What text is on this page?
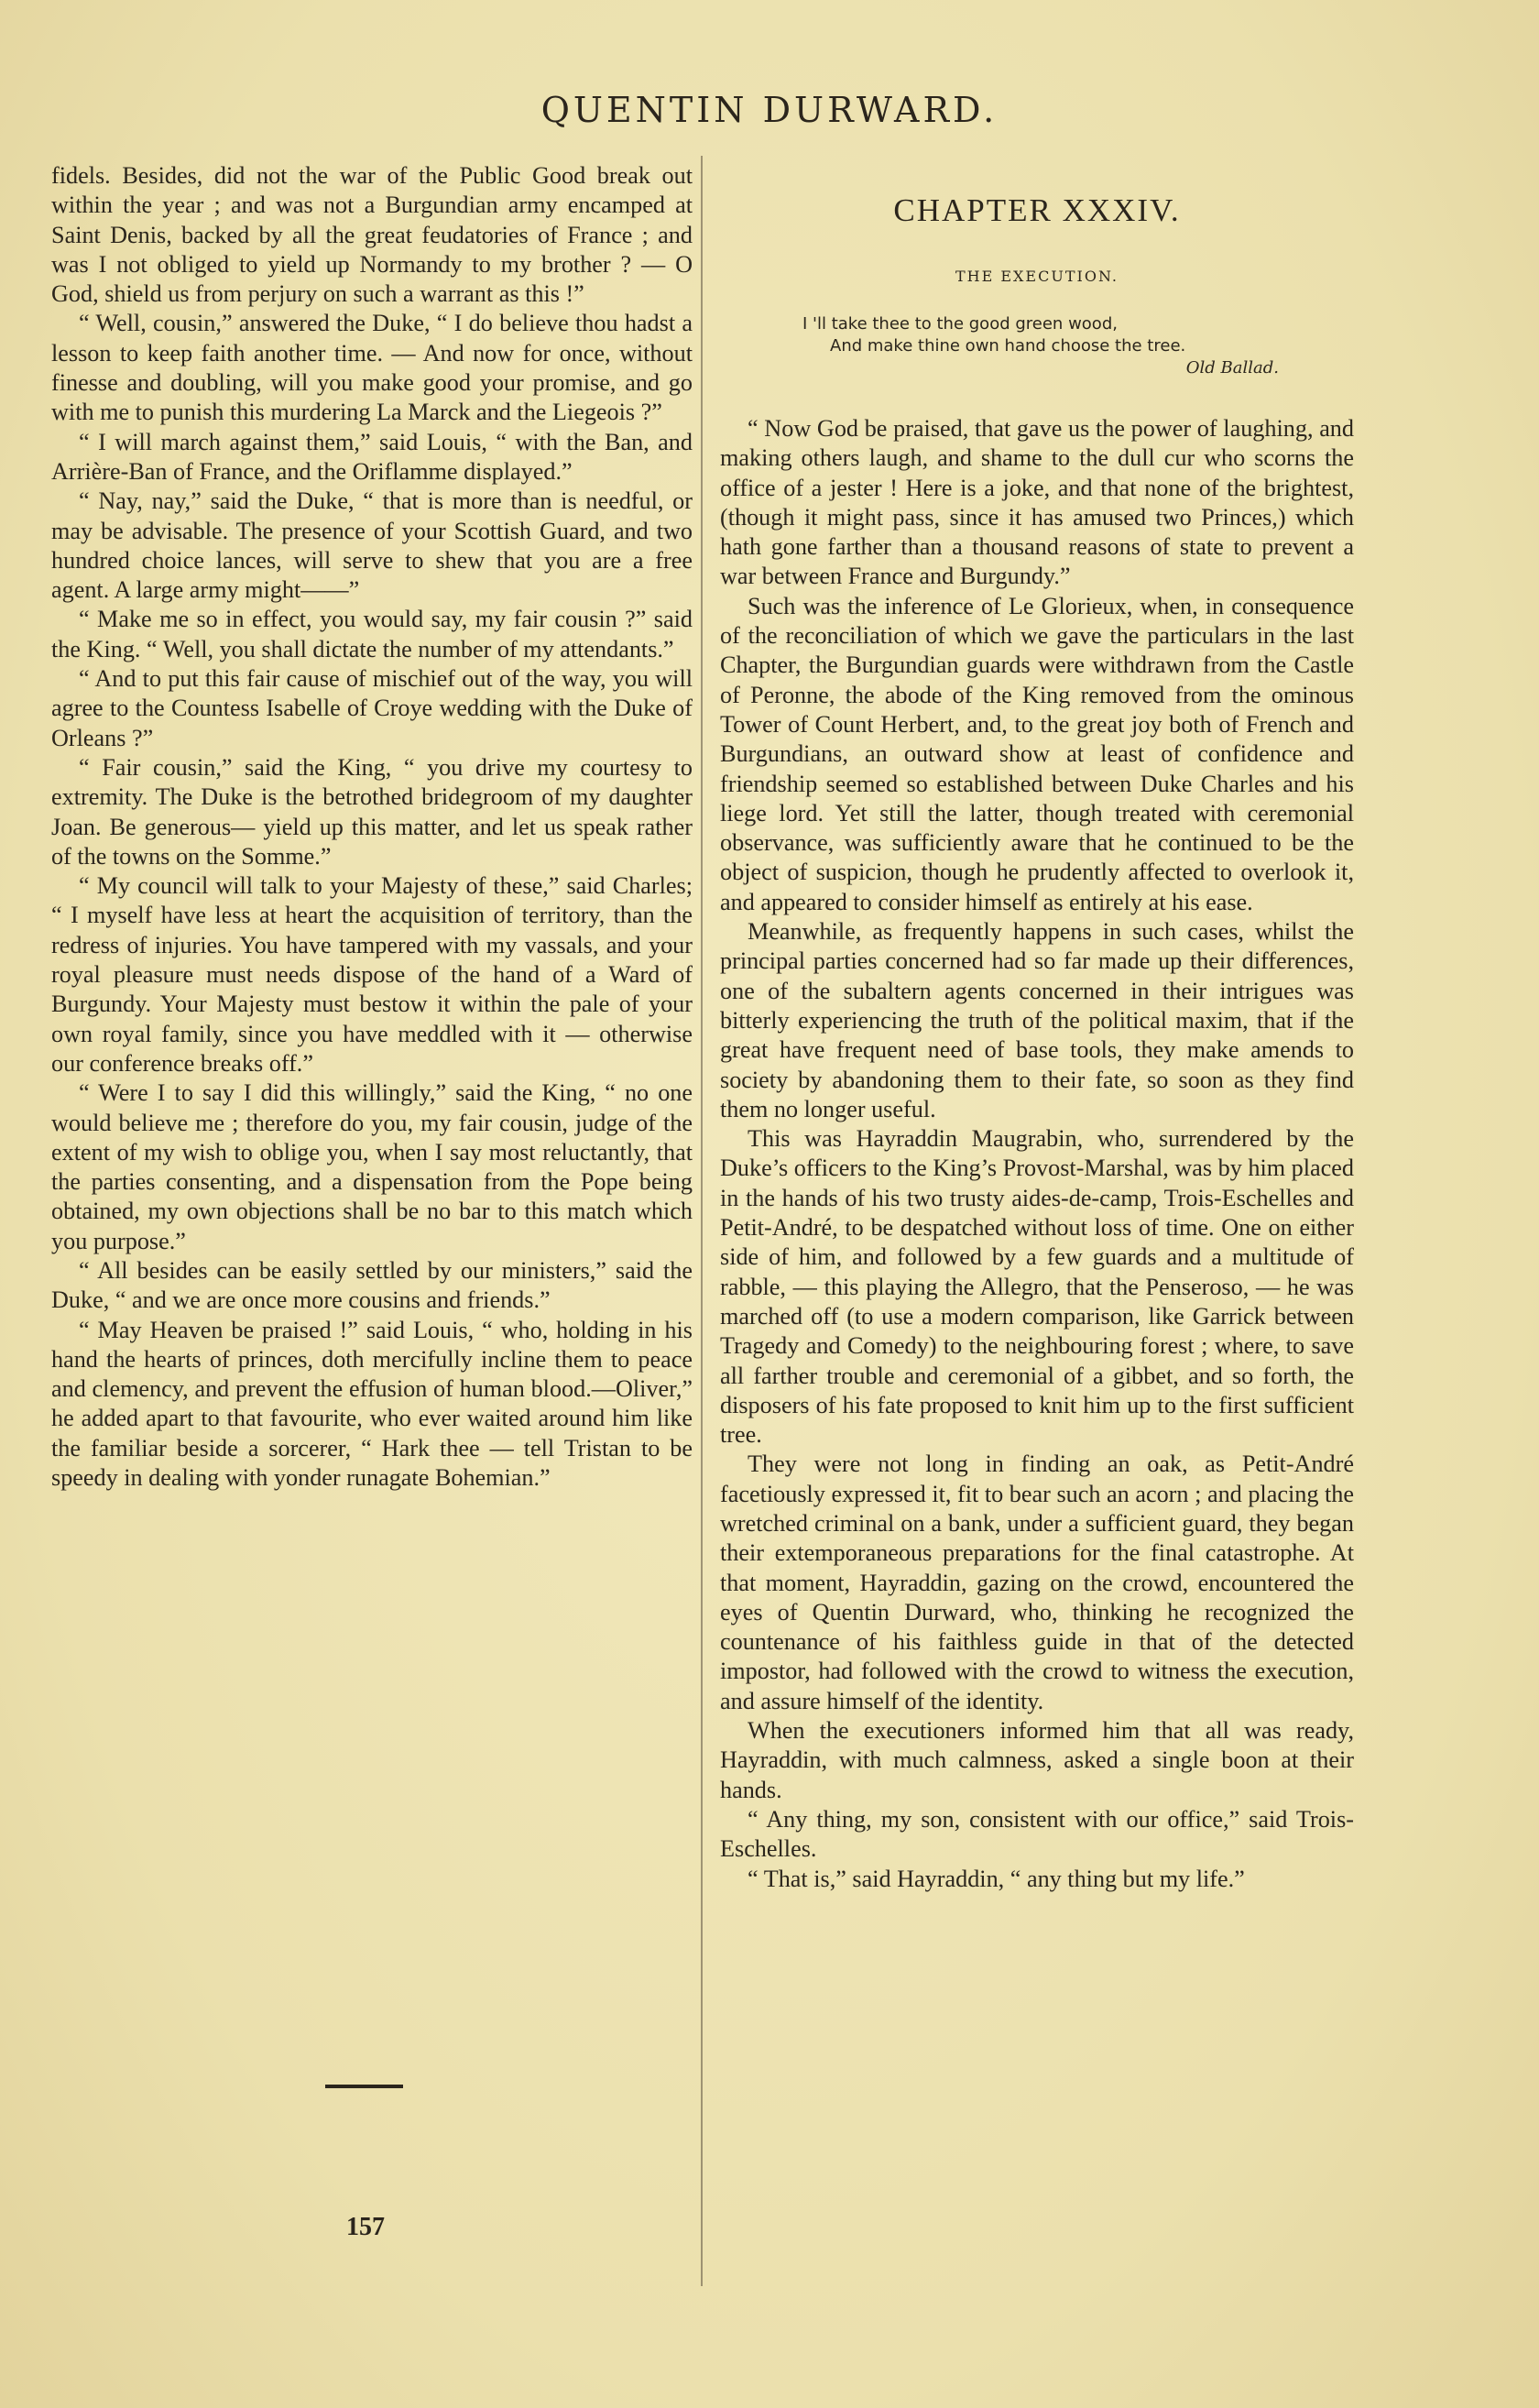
QUENTIN DURWARD.

fidels. Besides, did not the war of the Public Good break out within the year ; and was not a Burgundian army encamped at Saint Denis, backed by all the great feudatories of France ; and was I not obliged to yield up Normandy to my brother ? — O God, shield us from perjury on such a warrant as this !”

“ Well, cousin,” answered the Duke, “ I do believe thou hadst a lesson to keep faith another time. — And now for once, without finesse and doubling, will you make good your promise, and go with me to punish this murdering La Marck and the Liegeois ?”

“ I will march against them,” said Louis, “ with the Ban, and Arrière-Ban of France, and the Oriflamme displayed.”

“ Nay, nay,” said the Duke, “ that is more than is needful, or may be advisable. The presence of your Scottish Guard, and two hundred choice lances, will serve to shew that you are a free agent. A large army might——”

“ Make me so in effect, you would say, my fair cousin ?” said the King. “ Well, you shall dictate the number of my attendants.”

“ And to put this fair cause of mischief out of the way, you will agree to the Countess Isabelle of Croye wedding with the Duke of Orleans ?”

“ Fair cousin,” said the King, “ you drive my courtesy to extremity. The Duke is the betrothed bridegroom of my daughter Joan. Be generous— yield up this matter, and let us speak rather of the towns on the Somme.”

“ My council will talk to your Majesty of these,” said Charles; “ I myself have less at heart the acquisition of territory, than the redress of injuries. You have tampered with my vassals, and your royal pleasure must needs dispose of the hand of a Ward of Burgundy. Your Majesty must bestow it within the pale of your own royal family, since you have meddled with it — otherwise our conference breaks off.”

“ Were I to say I did this willingly,” said the King, “ no one would believe me ; therefore do you, my fair cousin, judge of the extent of my wish to oblige you, when I say most reluctantly, that the parties consenting, and a dispensation from the Pope being obtained, my own objections shall be no bar to this match which you purpose.”

“ All besides can be easily settled by our ministers,” said the Duke, “ and we are once more cousins and friends.”

“ May Heaven be praised !” said Louis, “ who, holding in his hand the hearts of princes, doth mercifully incline them to peace and clemency, and prevent the effusion of human blood.—Oliver,” he added apart to that favourite, who ever waited around him like the familiar beside a sorcerer, “ Hark thee — tell Tristan to be speedy in dealing with yonder runagate Bohemian.”

CHAPTER XXXIV.
THE EXECUTION.
I 'll take thee to the good green wood,
And make thine own hand choose the tree.
Old Ballad.

“ Now God be praised, that gave us the power of laughing, and making others laugh, and shame to the dull cur who scorns the office of a jester ! Here is a joke, and that none of the brightest, (though it might pass, since it has amused two Princes,) which hath gone farther than a thousand reasons of state to prevent a war between France and Burgundy.”

Such was the inference of Le Glorieux, when, in consequence of the reconciliation of which we gave the particulars in the last Chapter, the Burgundian guards were withdrawn from the Castle of Peronne, the abode of the King removed from the ominous Tower of Count Herbert, and, to the great joy both of French and Burgundians, an outward show at least of confidence and friendship seemed so established between Duke Charles and his liege lord. Yet still the latter, though treated with ceremonial observance, was sufficiently aware that he continued to be the object of suspicion, though he prudently affected to overlook it, and appeared to consider himself as entirely at his ease.

Meanwhile, as frequently happens in such cases, whilst the principal parties concerned had so far made up their differences, one of the subaltern agents concerned in their intrigues was bitterly experiencing the truth of the political maxim, that if the great have frequent need of base tools, they make amends to society by abandoning them to their fate, so soon as they find them no longer useful.

This was Hayraddin Maugrabin, who, surrendered by the Duke’s officers to the King’s Provost-Marshal, was by him placed in the hands of his two trusty aides-de-camp, Trois-Eschelles and Petit-André, to be despatched without loss of time. One on either side of him, and followed by a few guards and a multitude of rabble, — this playing the Allegro, that the Penseroso, — he was marched off (to use a modern comparison, like Garrick between Tragedy and Comedy) to the neighbouring forest ; where, to save all farther trouble and ceremonial of a gibbet, and so forth, the disposers of his fate proposed to knit him up to the first sufficient tree.

They were not long in finding an oak, as Petit-André facetiously expressed it, fit to bear such an acorn ; and placing the wretched criminal on a bank, under a sufficient guard, they began their extemporaneous preparations for the final catastrophe. At that moment, Hayraddin, gazing on the crowd, encountered the eyes of Quentin Durward, who, thinking he recognized the countenance of his faithless guide in that of the detected impostor, had followed with the crowd to witness the execution, and assure himself of the identity.

When the executioners informed him that all was ready, Hayraddin, with much calmness, asked a single boon at their hands.

“ Any thing, my son, consistent with our office,” said Trois-Eschelles.

“ That is,” said Hayraddin, “ any thing but my life.”

157
